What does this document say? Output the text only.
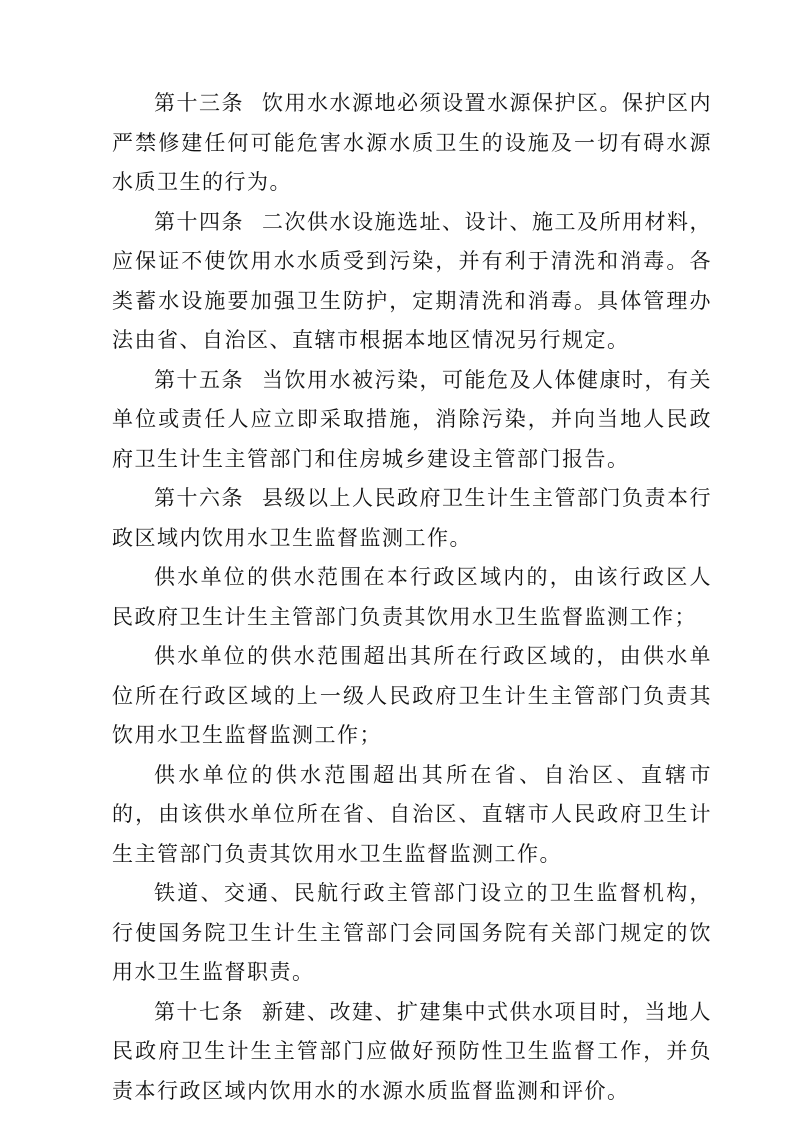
第十三条 饮用水水源地必须设置水源保护区。保护区内严禁修建任何可能危害水源水质卫生的设施及一切有碍水源水质卫生的行为。

第十四条 二次供水设施选址、设计、施工及所用材料，应保证不使饮用水水质受到污染，并有利于清洗和消毒。各类蓄水设施要加强卫生防护，定期清洗和消毒。具体管理办法由省、自治区、直辖市根据本地区情况另行规定。

第十五条 当饮用水被污染，可能危及人体健康时，有关单位或责任人应立即采取措施，消除污染，并向当地人民政府卫生计生主管部门和住房城乡建设主管部门报告。

第十六条 县级以上人民政府卫生计生主管部门负责本行政区域内饮用水卫生监督监测工作。

供水单位的供水范围在本行政区域内的，由该行政区人民政府卫生计生主管部门负责其饮用水卫生监督监测工作；

供水单位的供水范围超出其所在行政区域的，由供水单位所在行政区域的上一级人民政府卫生计生主管部门负责其饮用水卫生监督监测工作；

供水单位的供水范围超出其所在省、自治区、直辖市的，由该供水单位所在省、自治区、直辖市人民政府卫生计生主管部门负责其饮用水卫生监督监测工作。

铁道、交通、民航行政主管部门设立的卫生监督机构，行使国务院卫生计生主管部门会同国务院有关部门规定的饮用水卫生监督职责。

第十七条 新建、改建、扩建集中式供水项目时，当地人民政府卫生计生主管部门应做好预防性卫生监督工作，并负责本行政区域内饮用水的水源水质监督监测和评价。
